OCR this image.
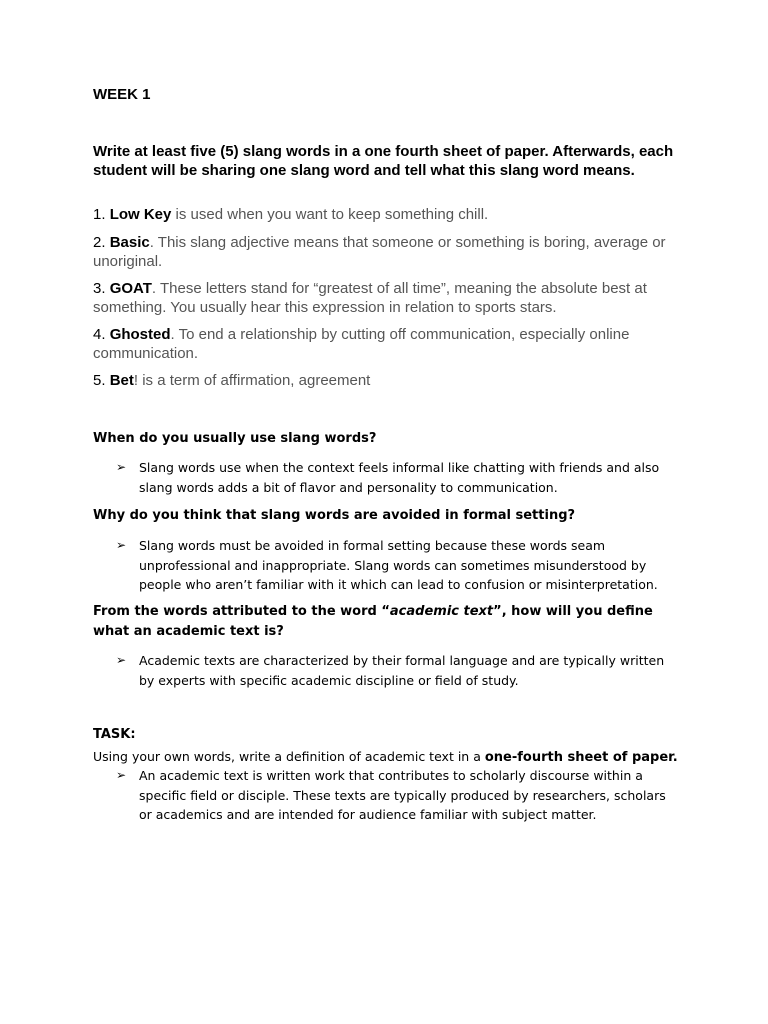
WEEK 1
Write at least five (5) slang words in a one fourth sheet of paper. Afterwards, each student will be sharing one slang word and tell what this slang word means.
1. Low Key is used when you want to keep something chill.
2. Basic. This slang adjective means that someone or something is boring, average or unoriginal.
3. GOAT. These letters stand for “greatest of all time”, meaning the absolute best at something. You usually hear this expression in relation to sports stars.
4. Ghosted. To end a relationship by cutting off communication, especially online communication.
5. Bet! is a term of affirmation, agreement
When do you usually use slang words?
➢ Slang words use when the context feels informal like chatting with friends and also slang words adds a bit of flavor and personality to communication.
Why do you think that slang words are avoided in formal setting?
➢ Slang words must be avoided in formal setting because these words seam unprofessional and inappropriate. Slang words can sometimes misunderstood by people who aren’t familiar with it which can lead to confusion or misinterpretation.
From the words attributed to the word “academic text”, how will you define what an academic text is?
➢ Academic texts are characterized by their formal language and are typically written by experts with specific academic discipline or field of study.
TASK:
Using your own words, write a definition of academic text in a one-fourth sheet of paper.
➢ An academic text is written work that contributes to scholarly discourse within a specific field or disciple. These texts are typically produced by researchers, scholars or academics and are intended for audience familiar with subject matter.
